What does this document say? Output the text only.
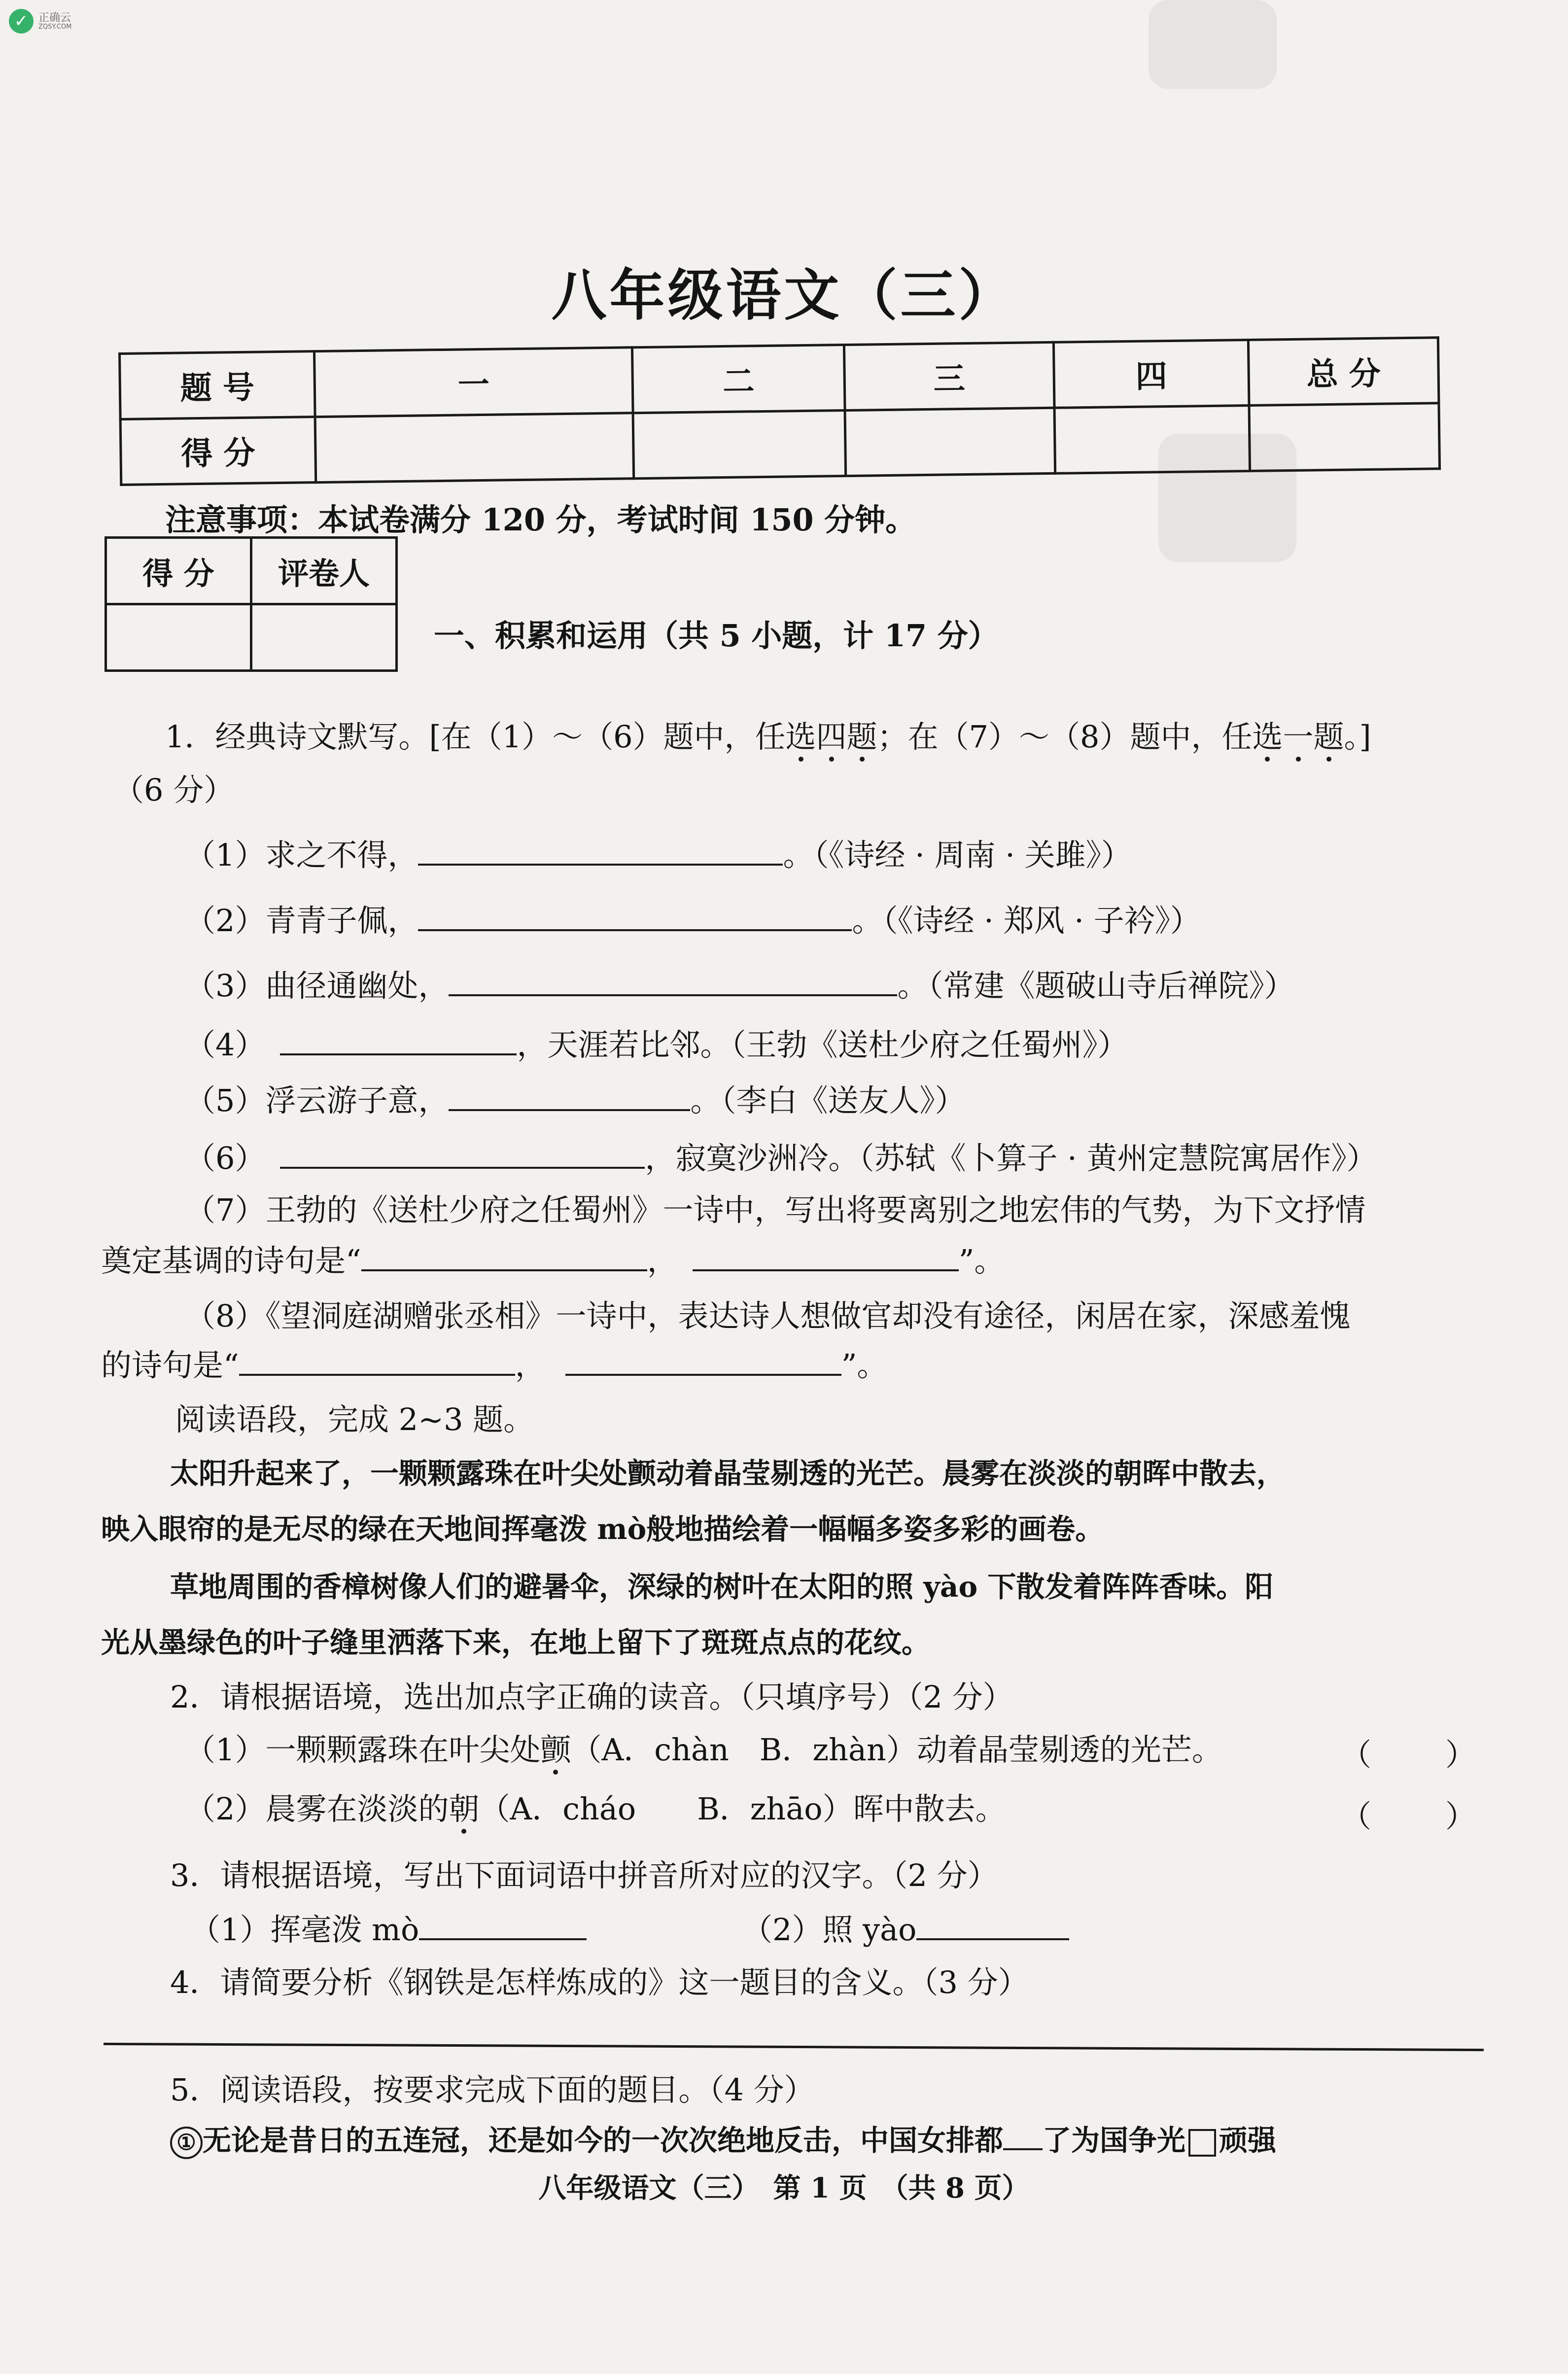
✓ 正确云
ZQSY.COM
八年级语文（三）
题 号	一	二	三	四	总 分
得 分					
注意事项：本试卷满分 120 分，考试时间 150 分钟。
得 分	评卷人

一、积累和运用（共 5 小题，计 17 分）
1．经典诗文默写。[在（1）～（6）题中，任选四题；在（7）～（8）题中，任选一题。]
（6 分）
（1）求之不得，	。（《诗经 · 周南 · 关雎》）
（2）青青子佩，	。（《诗经 · 郑风 · 子衿》）
（3）曲径通幽处，	。（常建《题破山寺后禅院》）
（4）	，天涯若比邻。（王勃《送杜少府之任蜀州》）
（5）浮云游子意，	。（李白《送友人》）
（6）	，寂寞沙洲冷。（苏轼《卜算子 · 黄州定慧院寓居作》）
（7）王勃的《送杜少府之任蜀州》一诗中，写出将要离别之地宏伟的气势，为下文抒情
奠定基调的诗句是“	，	”。
（8）《望洞庭湖赠张丞相》一诗中，表达诗人想做官却没有途径，闲居在家，深感羞愧
的诗句是“	，	”。
阅读语段，完成 2~3 题。
太阳升起来了，一颗颗露珠在叶尖处颤动着晶莹剔透的光芒。晨雾在淡淡的朝晖中散去，
映入眼帘的是无尽的绿在天地间挥毫泼 mò般地描绘着一幅幅多姿多彩的画卷。
草地周围的香樟树像人们的避暑伞，深绿的树叶在太阳的照 yào 下散发着阵阵香味。阳
光从墨绿色的叶子缝里洒落下来，在地上留下了斑斑点点的花纹。
2．请根据语境，选出加点字正确的读音。（只填序号）（2 分）
（1）一颗颗露珠在叶尖处颤（A．chàn　B．zhàn）动着晶莹剔透的光芒。	（ ）
（2）晨雾在淡淡的朝（A．cháo　　B．zhāo）晖中散去。	（ ）
3．请根据语境，写出下面词语中拼音所对应的汉字。（2 分）
（1）挥毫泼 mò	（2）照 yào
4．请简要分析《钢铁是怎样炼成的》这一题目的含义。（3 分）
5．阅读语段，按要求完成下面的题目。（4 分）
① 无论是昔日的五连冠，还是如今的一次次绝地反击，中国女排都 了为国争光 顽强
八年级语文（三）　第 1 页　（共 8 页）
